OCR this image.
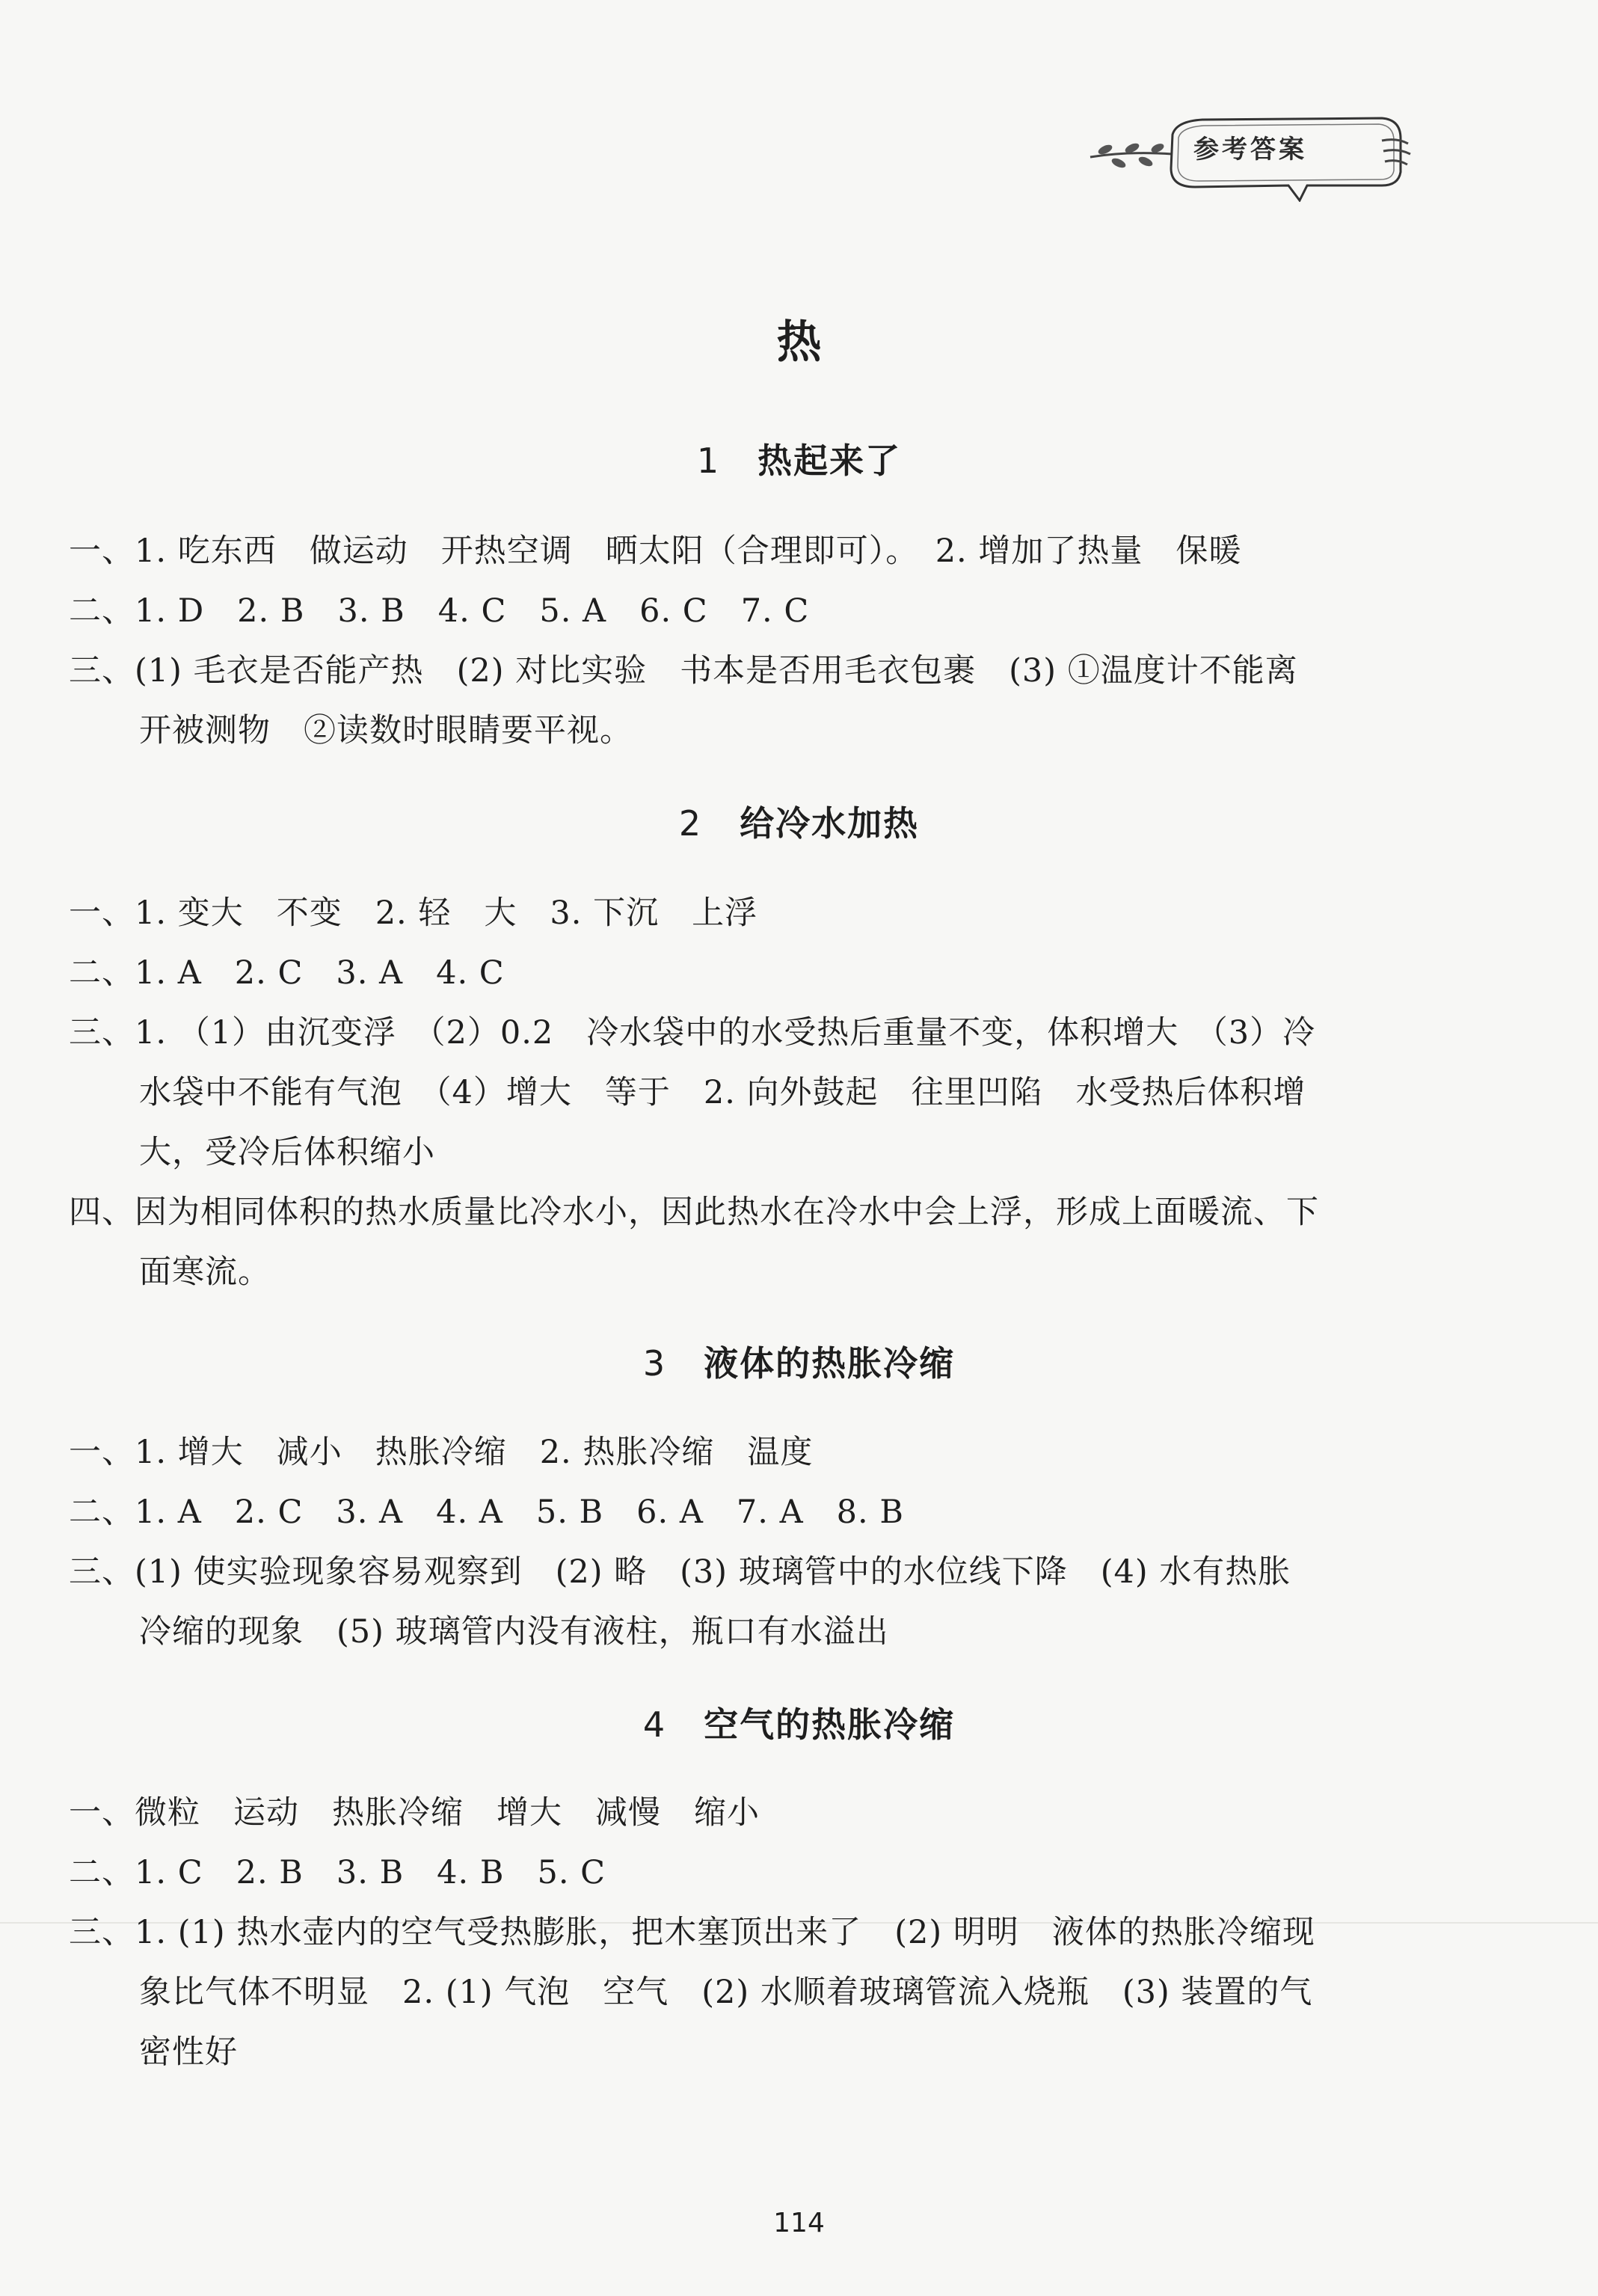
参考答案
热
1 热起来了
一、1. 吃东西　做运动　开热空调　晒太阳（合理即可）。　2. 增加了热量　保暖
二、1. D　2. B　3. B　4. C　5. A　6. C　7. C
三、(1) 毛衣是否能产热　(2) 对比实验　书本是否用毛衣包裹　(3) ①温度计不能离
开被测物　②读数时眼睛要平视。
2 给冷水加热
一、1. 变大　不变　2. 轻　大　3. 下沉　上浮
二、1. A　2. C　3. A　4. C
三、1. （1）由沉变浮　（2）0.2　冷水袋中的水受热后重量不变，体积增大　（3）冷
水袋中不能有气泡　（4）增大　等于　2. 向外鼓起　往里凹陷　水受热后体积增
大，受冷后体积缩小
四、因为相同体积的热水质量比冷水小，因此热水在冷水中会上浮，形成上面暖流、下
面寒流。
3 液体的热胀冷缩
一、1. 增大　减小　热胀冷缩　2. 热胀冷缩　温度
二、1. A　2. C　3. A　4. A　5. B　6. A　7. A　8. B
三、(1) 使实验现象容易观察到　(2) 略　(3) 玻璃管中的水位线下降　(4) 水有热胀
冷缩的现象　(5) 玻璃管内没有液柱，瓶口有水溢出
4 空气的热胀冷缩
一、微粒　运动　热胀冷缩　增大　减慢　缩小
二、1. C　2. B　3. B　4. B　5. C
三、1. (1) 热水壶内的空气受热膨胀，把木塞顶出来了　(2) 明明　液体的热胀冷缩现
象比气体不明显　2. (1) 气泡　空气　(2) 水顺着玻璃管流入烧瓶　(3) 装置的气
密性好
114
